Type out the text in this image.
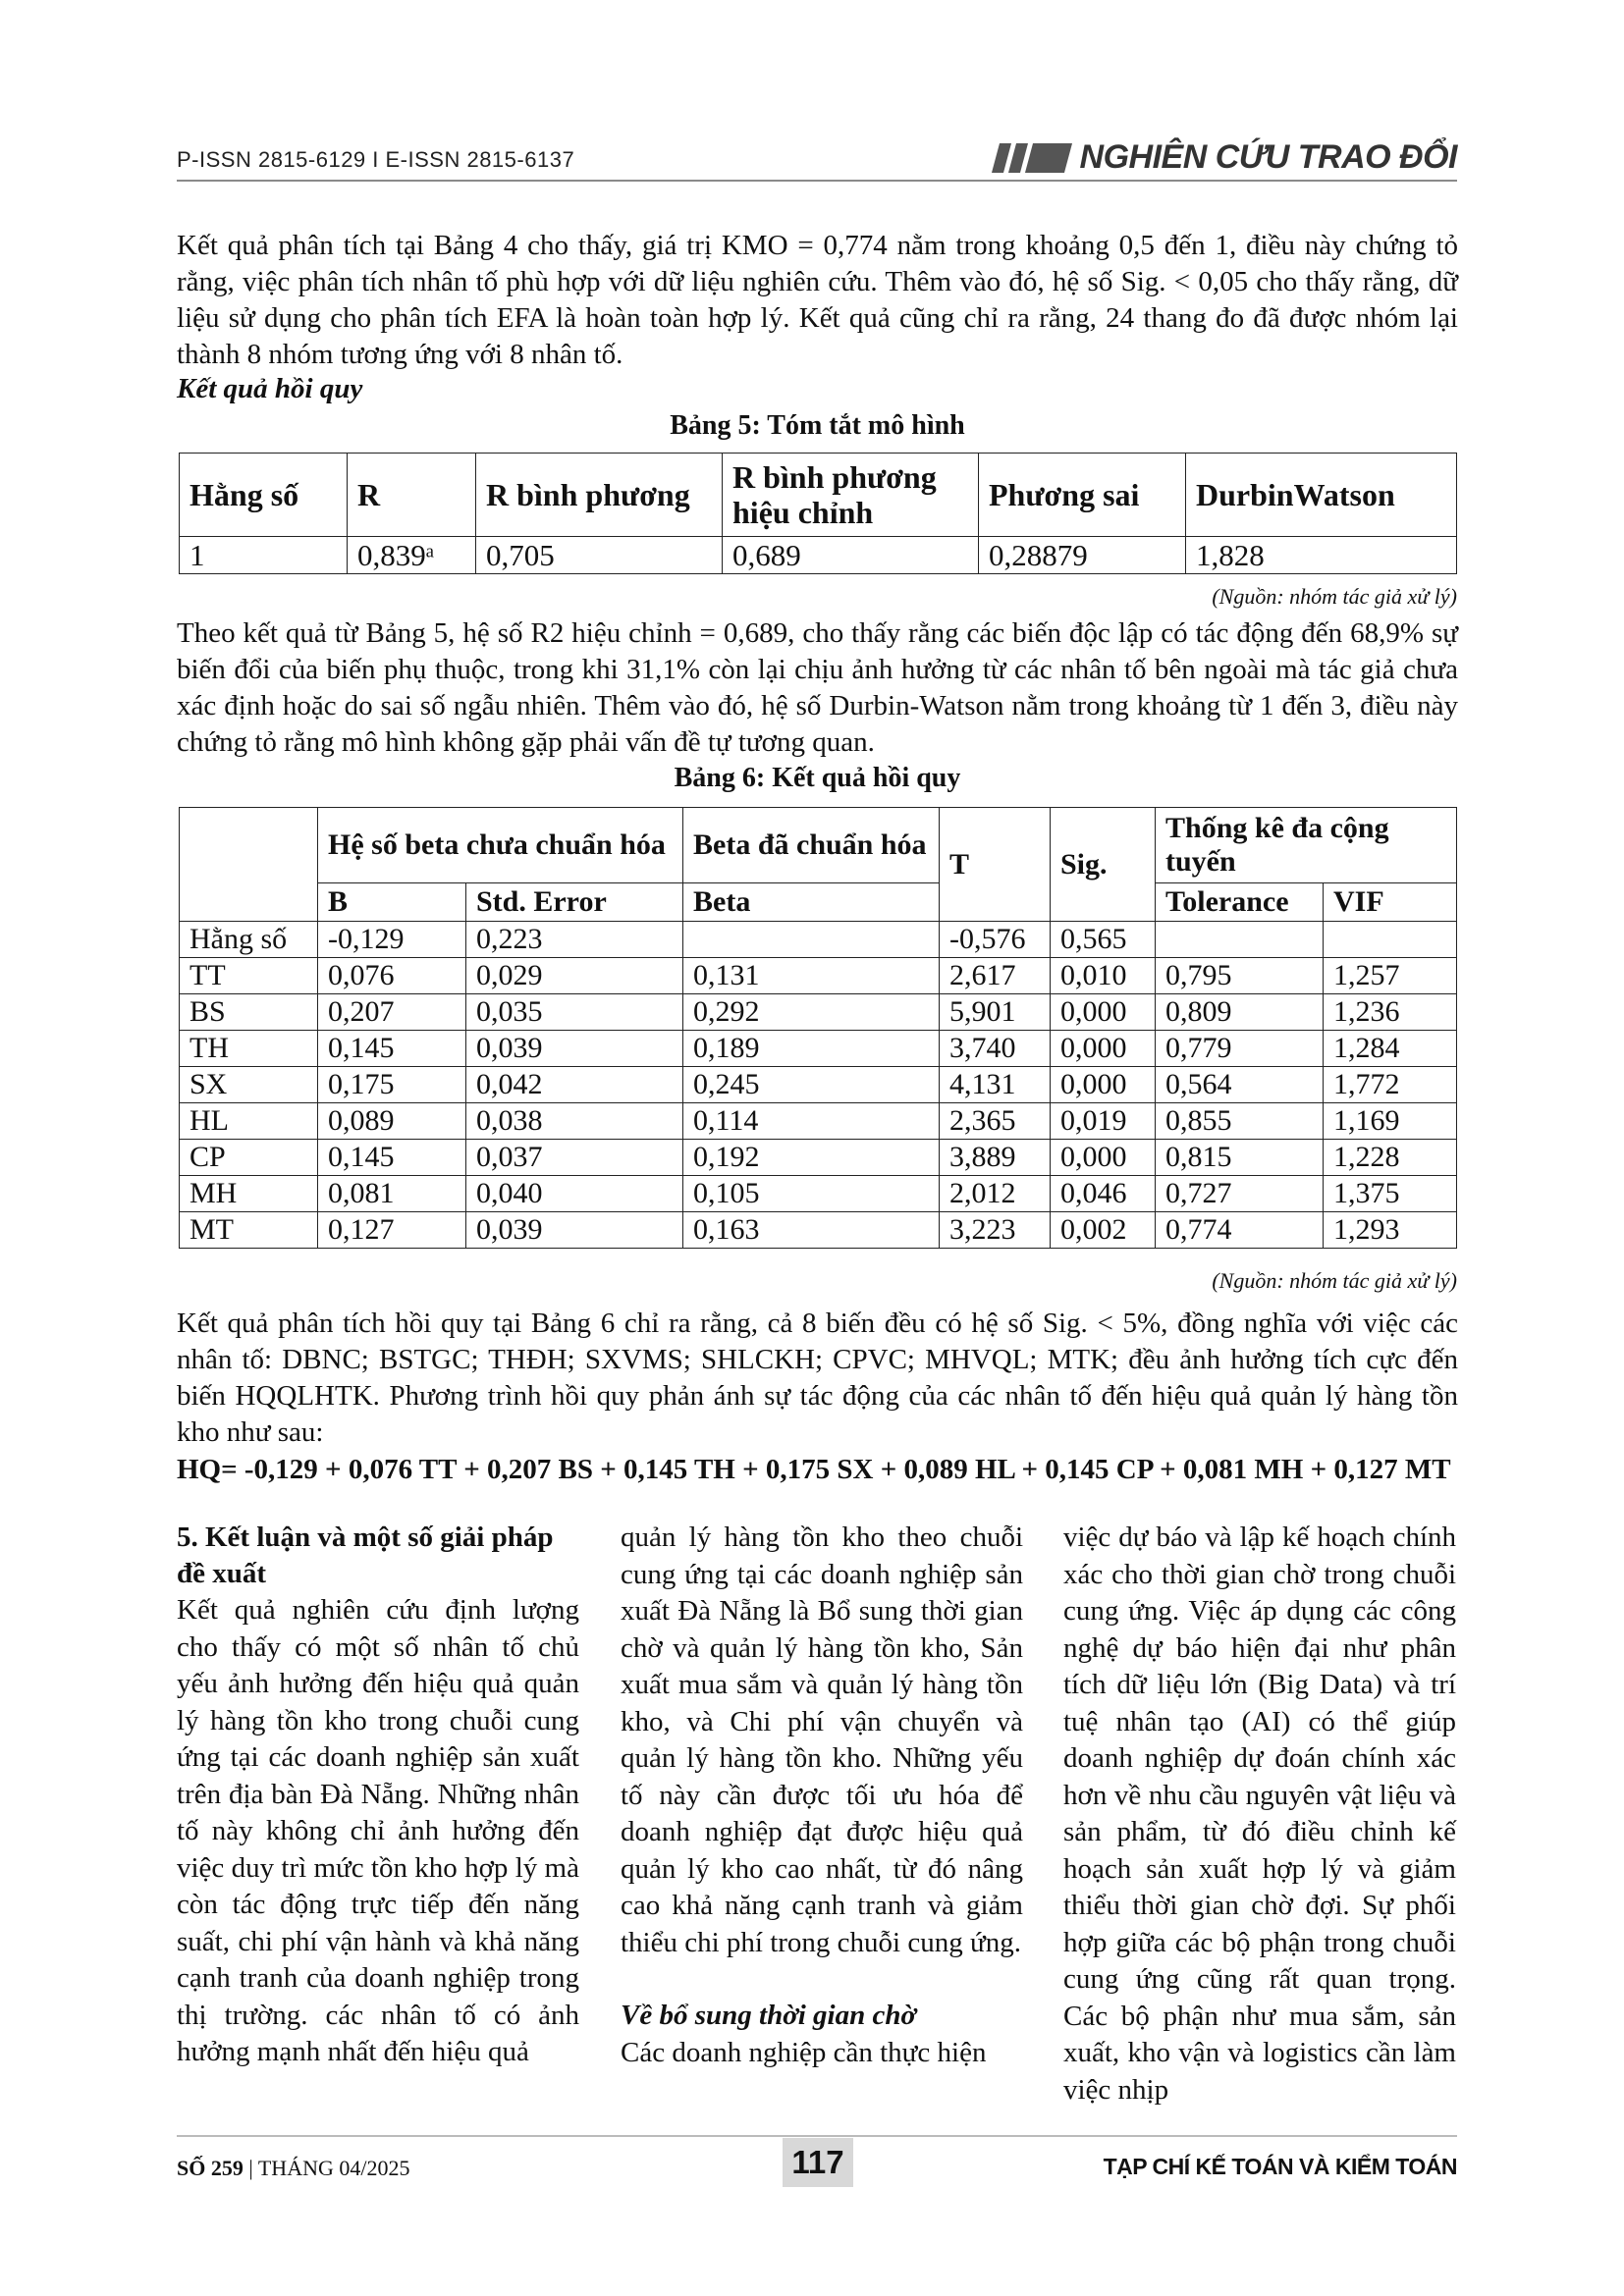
P-ISSN 2815-6129 I E-ISSN 2815-6137	NGHIÊN CỨU TRAO ĐỔI
Kết quả phân tích tại Bảng 4 cho thấy, giá trị KMO = 0,774 nằm trong khoảng 0,5 đến 1, điều này chứng tỏ rằng, việc phân tích nhân tố phù hợp với dữ liệu nghiên cứu. Thêm vào đó, hệ số Sig. < 0,05 cho thấy rằng, dữ liệu sử dụng cho phân tích EFA là hoàn toàn hợp lý. Kết quả cũng chỉ ra rằng, 24 thang đo đã được nhóm lại thành 8 nhóm tương ứng với 8 nhân tố.
Kết quả hồi quy
Bảng 5: Tóm tắt mô hình
Hằng số	R	R bình phương	R bình phương hiệu chỉnh	Phương sai	DurbinWatson
1	0,839ᵃ	0,705	0,689	0,28879	1,828
(Nguồn: nhóm tác giả xử lý)
Theo kết quả từ Bảng 5, hệ số R2 hiệu chỉnh = 0,689, cho thấy rằng các biến độc lập có tác động đến 68,9% sự biến đổi của biến phụ thuộc, trong khi 31,1% còn lại chịu ảnh hưởng từ các nhân tố bên ngoài mà tác giả chưa xác định hoặc do sai số ngẫu nhiên. Thêm vào đó, hệ số Durbin-Watson nằm trong khoảng từ 1 đến 3, điều này chứng tỏ rằng mô hình không gặp phải vấn đề tự tương quan.
Bảng 6: Kết quả hồi quy
	Hệ số beta chưa chuẩn hóa		Beta đã chuẩn hóa	T	Sig.	Thống kê đa cộng tuyến	
	B	Std. Error	Beta			Tolerance	VIF
Hằng số	-0,129	0,223		-0,576	0,565		
TT	0,076	0,029	0,131	2,617	0,010	0,795	1,257
BS	0,207	0,035	0,292	5,901	0,000	0,809	1,236
TH	0,145	0,039	0,189	3,740	0,000	0,779	1,284
SX	0,175	0,042	0,245	4,131	0,000	0,564	1,772
HL	0,089	0,038	0,114	2,365	0,019	0,855	1,169
CP	0,145	0,037	0,192	3,889	0,000	0,815	1,228
MH	0,081	0,040	0,105	2,012	0,046	0,727	1,375
MT	0,127	0,039	0,163	3,223	0,002	0,774	1,293
(Nguồn: nhóm tác giả xử lý)
Kết quả phân tích hồi quy tại Bảng 6 chỉ ra rằng, cả 8 biến đều có hệ số Sig. < 5%, đồng nghĩa với việc các nhân tố: DBNC; BSTGC; THĐH; SXVMS; SHLCKH; CPVC; MHVQL; MTK; đều ảnh hưởng tích cực đến biến HQQLHTK. Phương trình hồi quy phản ánh sự tác động của các nhân tố đến hiệu quả quản lý hàng tồn kho như sau:
HQ= -0,129 + 0,076 TT + 0,207 BS + 0,145 TH + 0,175 SX + 0,089 HL + 0,145 CP + 0,081 MH + 0,127 MT
5. Kết luận và một số giải pháp đề xuất
Kết quả nghiên cứu định lượng cho thấy có một số nhân tố chủ yếu ảnh hưởng đến hiệu quả quản lý hàng tồn kho trong chuỗi cung ứng tại các doanh nghiệp sản xuất trên địa bàn Đà Nẵng. Những nhân tố này không chỉ ảnh hưởng đến việc duy trì mức tồn kho hợp lý mà còn tác động trực tiếp đến năng suất, chi phí vận hành và khả năng cạnh tranh của doanh nghiệp trong thị trường. các nhân tố có ảnh hưởng mạnh nhất đến hiệu quả
quản lý hàng tồn kho theo chuỗi cung ứng tại các doanh nghiệp sản xuất Đà Nẵng là Bổ sung thời gian chờ và quản lý hàng tồn kho, Sản xuất mua sắm và quản lý hàng tồn kho, và Chi phí vận chuyển và quản lý hàng tồn kho. Những yếu tố này cần được tối ưu hóa để doanh nghiệp đạt được hiệu quả quản lý kho cao nhất, từ đó nâng cao khả năng cạnh tranh và giảm thiểu chi phí trong chuỗi cung ứng.
Về bổ sung thời gian chờ
Các doanh nghiệp cần thực hiện
việc dự báo và lập kế hoạch chính xác cho thời gian chờ trong chuỗi cung ứng. Việc áp dụng các công nghệ dự báo hiện đại như phân tích dữ liệu lớn (Big Data) và trí tuệ nhân tạo (AI) có thể giúp doanh nghiệp dự đoán chính xác hơn về nhu cầu nguyên vật liệu và sản phẩm, từ đó điều chỉnh kế hoạch sản xuất hợp lý và giảm thiểu thời gian chờ đợi. Sự phối hợp giữa các bộ phận trong chuỗi cung ứng cũng rất quan trọng. Các bộ phận như mua sắm, sản xuất, kho vận và logistics cần làm việc nhịp
SỐ 259 | THÁNG 04/2025	117	TẠP CHÍ KẾ TOÁN VÀ KIỂM TOÁN
